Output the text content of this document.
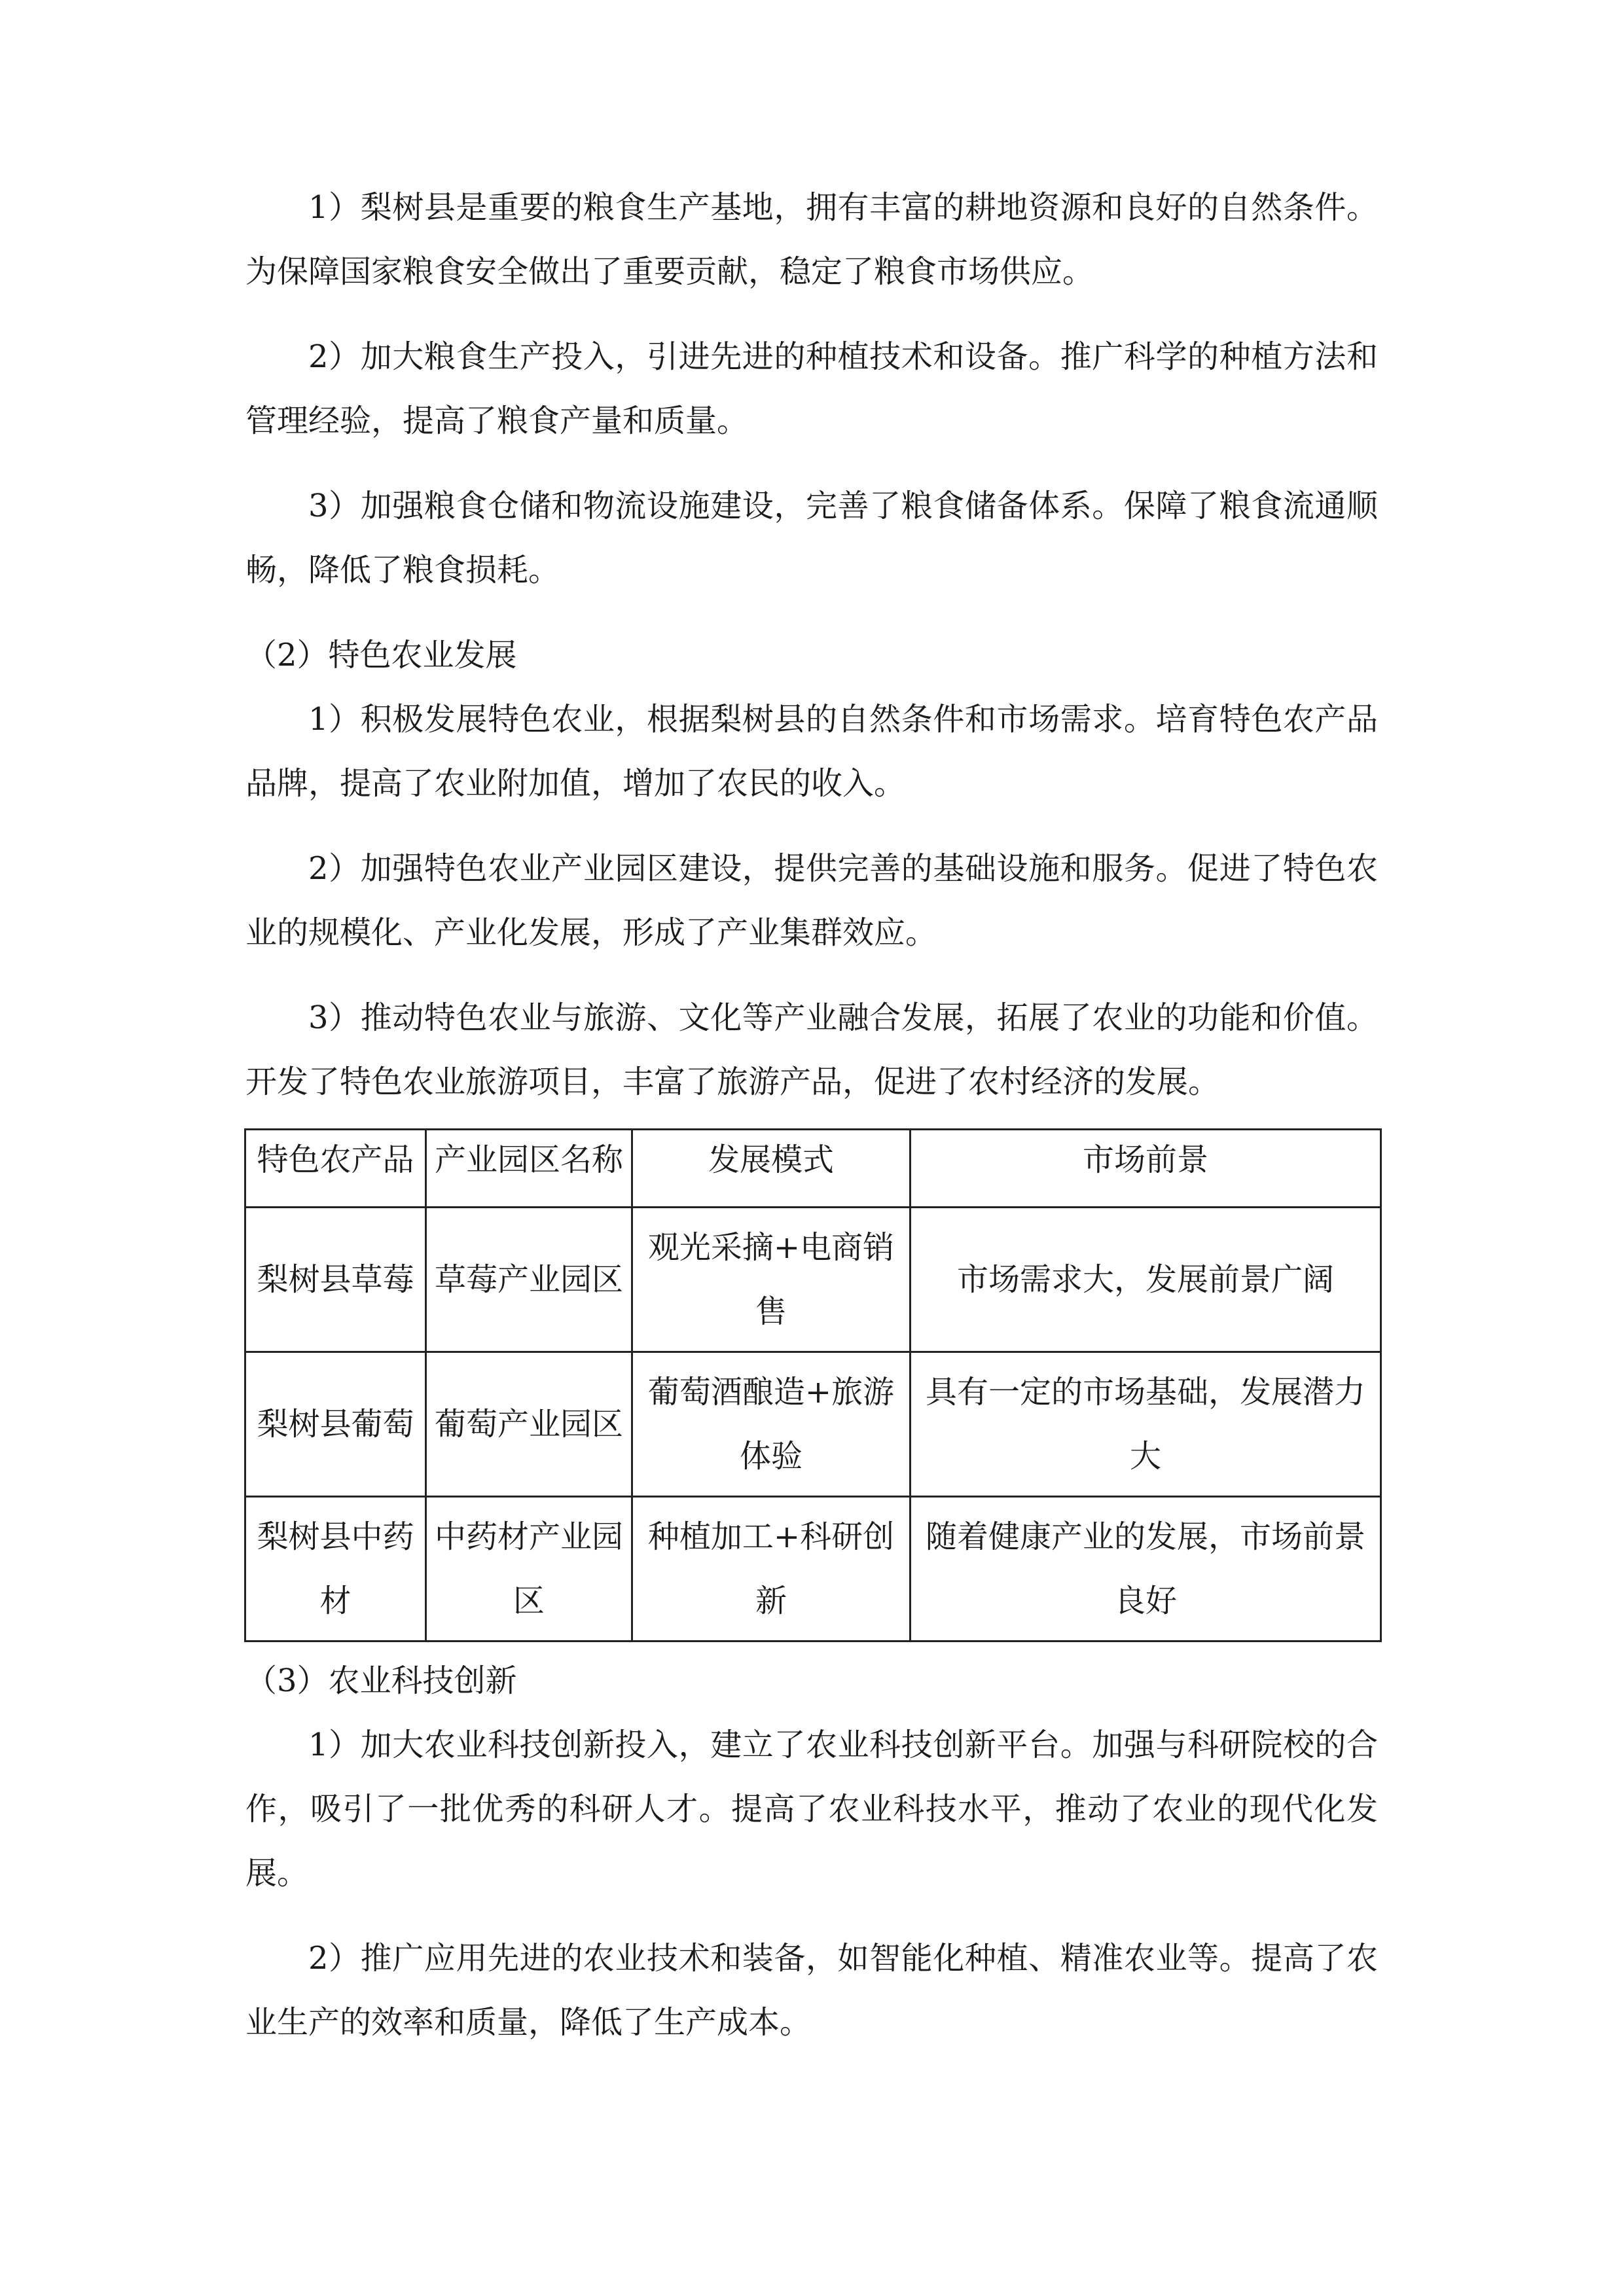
1）梨树县是重要的粮食生产基地，拥有丰富的耕地资源和良好的自然条件。为保障国家粮食安全做出了重要贡献，稳定了粮食市场供应。

2）加大粮食生产投入，引进先进的种植技术和设备。推广科学的种植方法和管理经验，提高了粮食产量和质量。

3）加强粮食仓储和物流设施建设，完善了粮食储备体系。保障了粮食流通顺畅，降低了粮食损耗。

（2）特色农业发展

1）积极发展特色农业，根据梨树县的自然条件和市场需求。培育特色农产品品牌，提高了农业附加值，增加了农民的收入。

2）加强特色农业产业园区建设，提供完善的基础设施和服务。促进了特色农业的规模化、产业化发展，形成了产业集群效应。

3）推动特色农业与旅游、文化等产业融合发展，拓展了农业的功能和价值。开发了特色农业旅游项目，丰富了旅游产品，促进了农村经济的发展。

特色农产品	产业园区名称	发展模式	市场前景
梨树县草莓	草莓产业园区	观光采摘+电商销售	市场需求大，发展前景广阔
梨树县葡萄	葡萄产业园区	葡萄酒酿造+旅游体验	具有一定的市场基础，发展潜力大
梨树县中药材	中药材产业园区	种植加工+科研创新	随着健康产业的发展，市场前景良好

（3）农业科技创新

1）加大农业科技创新投入，建立了农业科技创新平台。加强与科研院校的合作，吸引了一批优秀的科研人才。提高了农业科技水平，推动了农业的现代化发展。

2）推广应用先进的农业技术和装备，如智能化种植、精准农业等。提高了农业生产的效率和质量，降低了生产成本。
